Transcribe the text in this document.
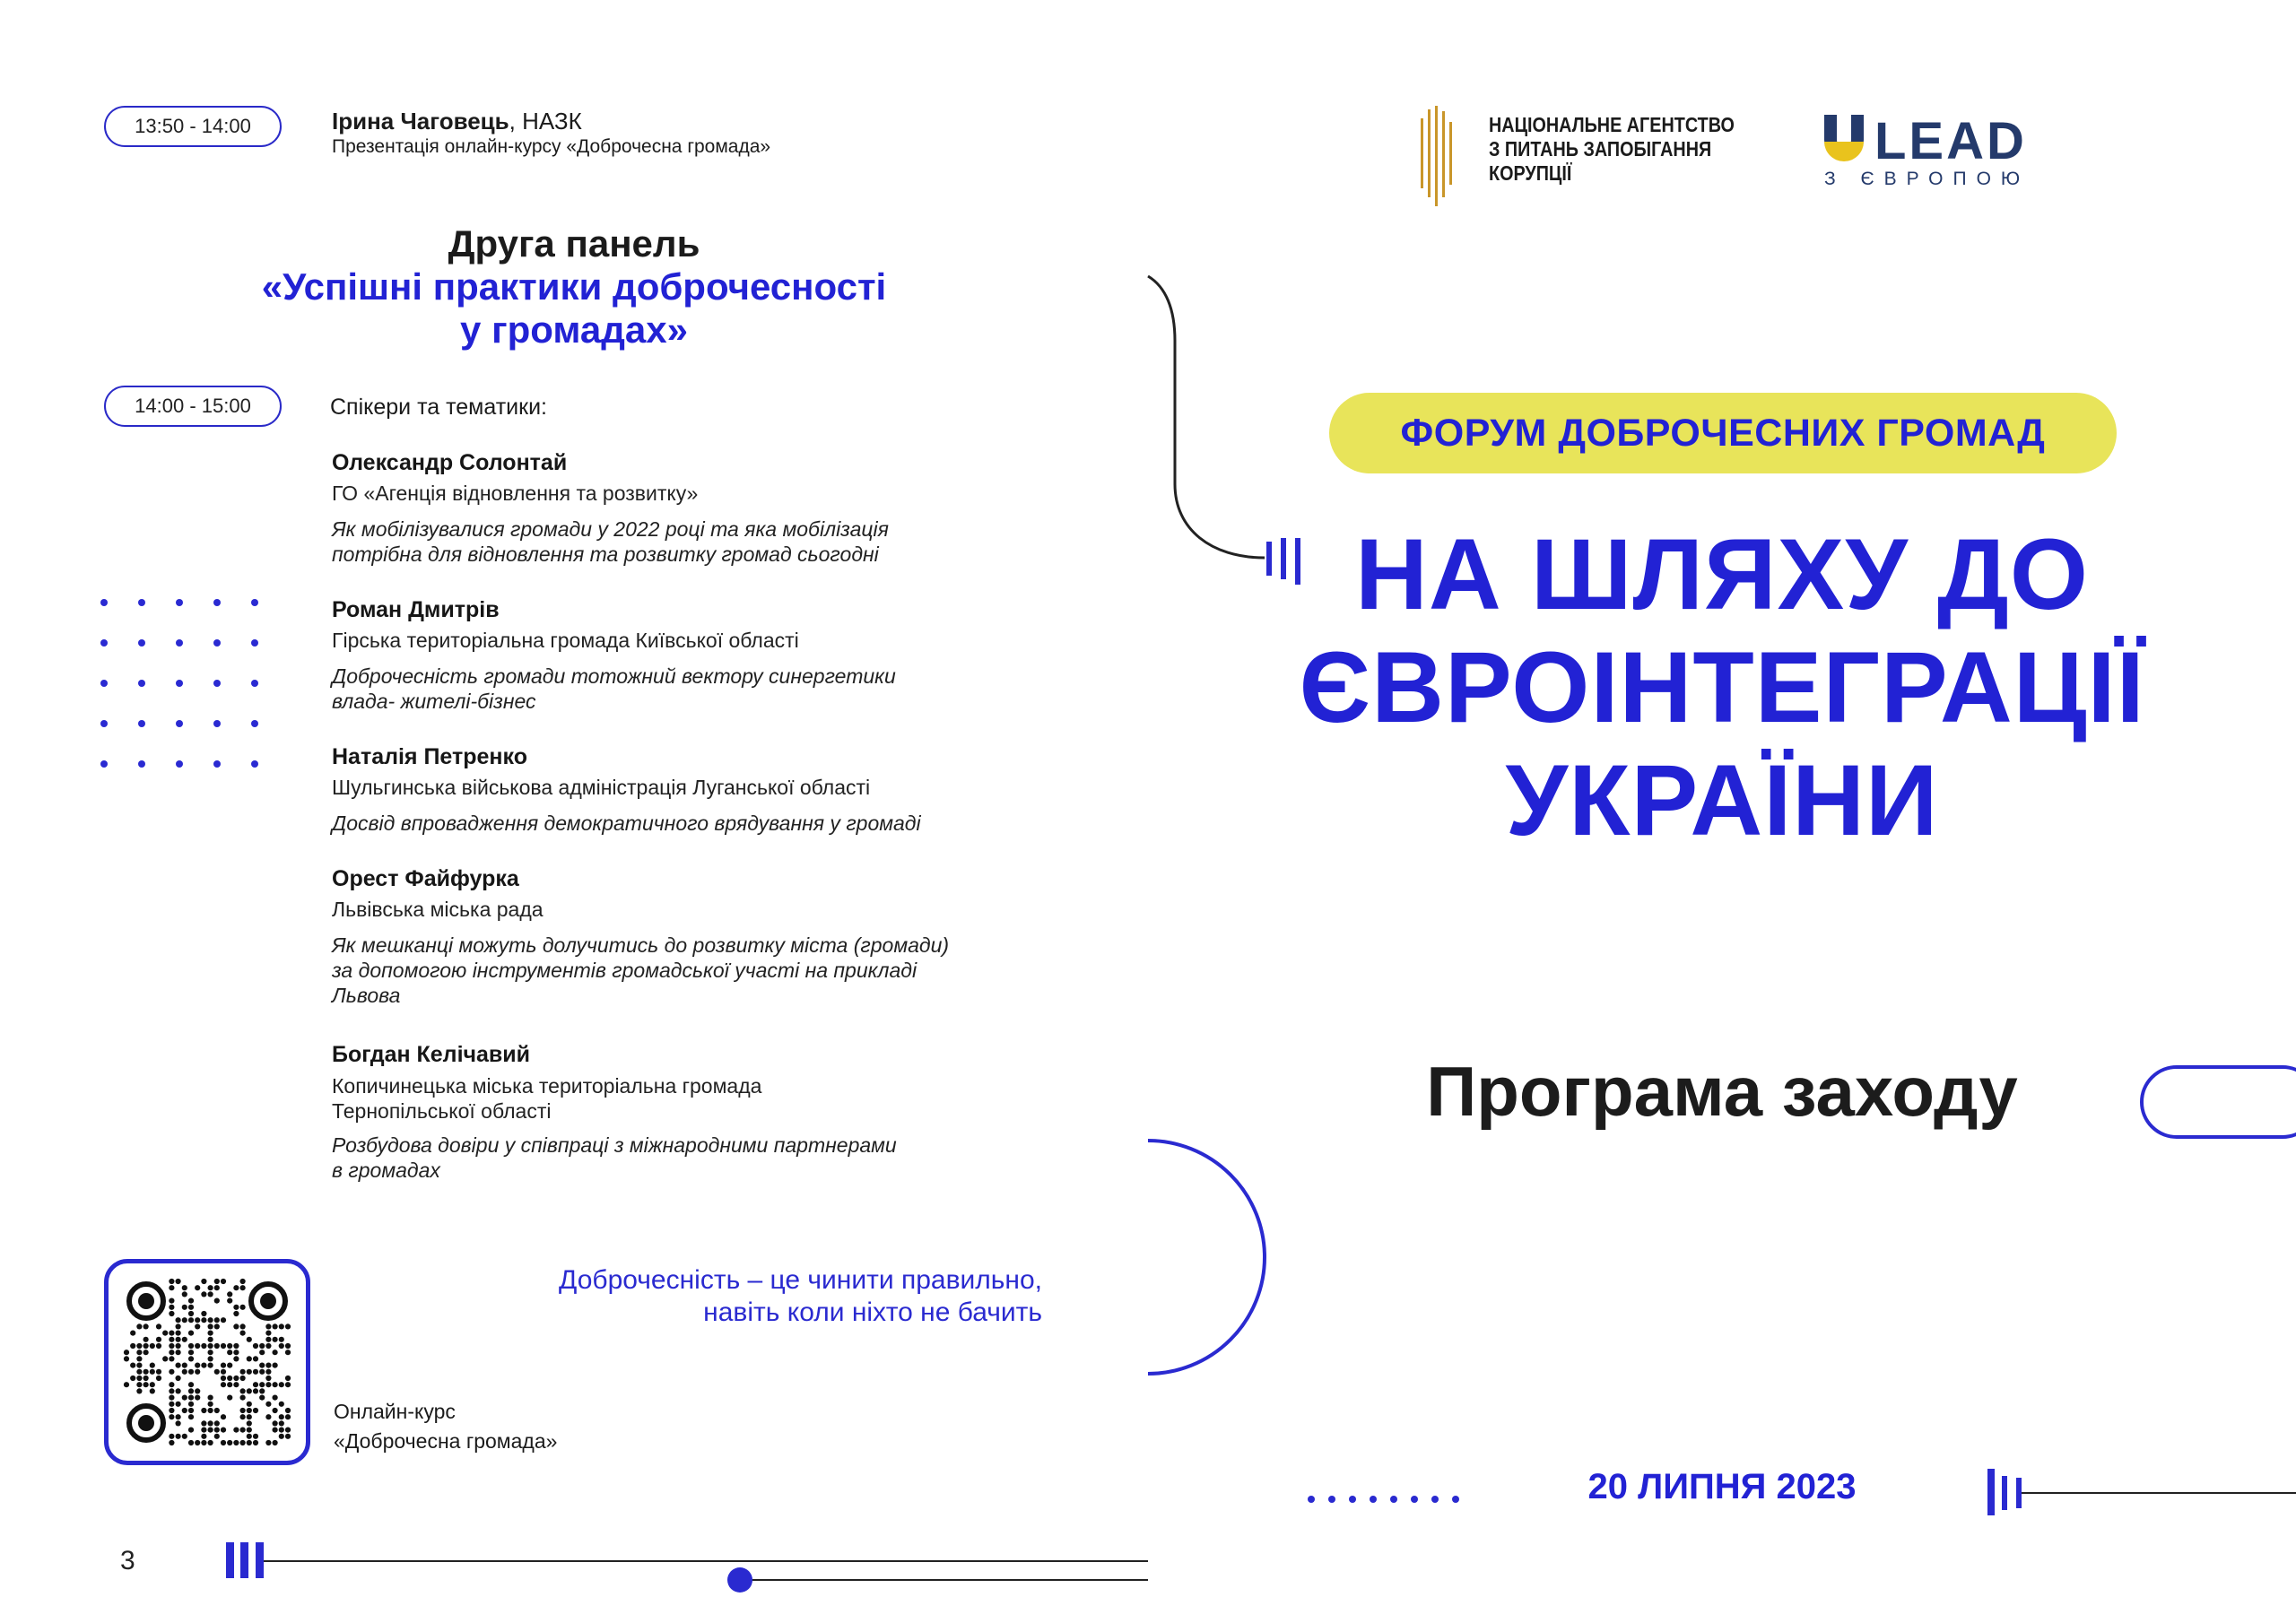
13:50 - 14:00	Ірина Чаговець, НАЗК
Презентація онлайн-курсу «Доброчесна громада»
Друга панель
«Успішні практики доброчесності
у громадах»
14:00 - 15:00	Спікери та тематики:
Олександр Солонтай
ГО «Агенція відновлення та розвитку»
Як мобілізувалися громади у 2022 році та яка мобілізація
потрібна для відновлення та розвитку громад сьогодні
Роман Дмитрів
Гірська територіальна громада Київської області
Доброчесність громади тотожний вектору синергетики
влада- жителі-бізнес
Наталія Петренко
Шульгинська військова адміністрація Луганської області
Досвід впровадження демократичного врядування у громаді
Орест Файфурка
Львівська міська рада
Як мешканці можуть долучитись до розвитку міста (громади)
за допомогою інструментів громадської участі на прикладі
Львова
Богдан Келічавий
Копичинецька міська територіальна громада
Тернопільської області
Розбудова довіри у співпраці з міжнародними партнерами
в громадах
Онлайн-курс
«Доброчесна громада»
Доброчесність – це чинити правильно,
навіть коли ніхто не бачить
3
НАЦІОНАЛЬНЕ АГЕНТСТВО
З ПИТАНЬ ЗАПОБІГАННЯ
КОРУПЦІЇ
LEAD
З ЄВРОПОЮ
ФОРУМ ДОБРОЧЕСНИХ ГРОМАД
НА ШЛЯХУ ДО
ЄВРОІНТЕГРАЦІЇ
УКРАЇНИ
Програма заходу
20 ЛИПНЯ 2023
